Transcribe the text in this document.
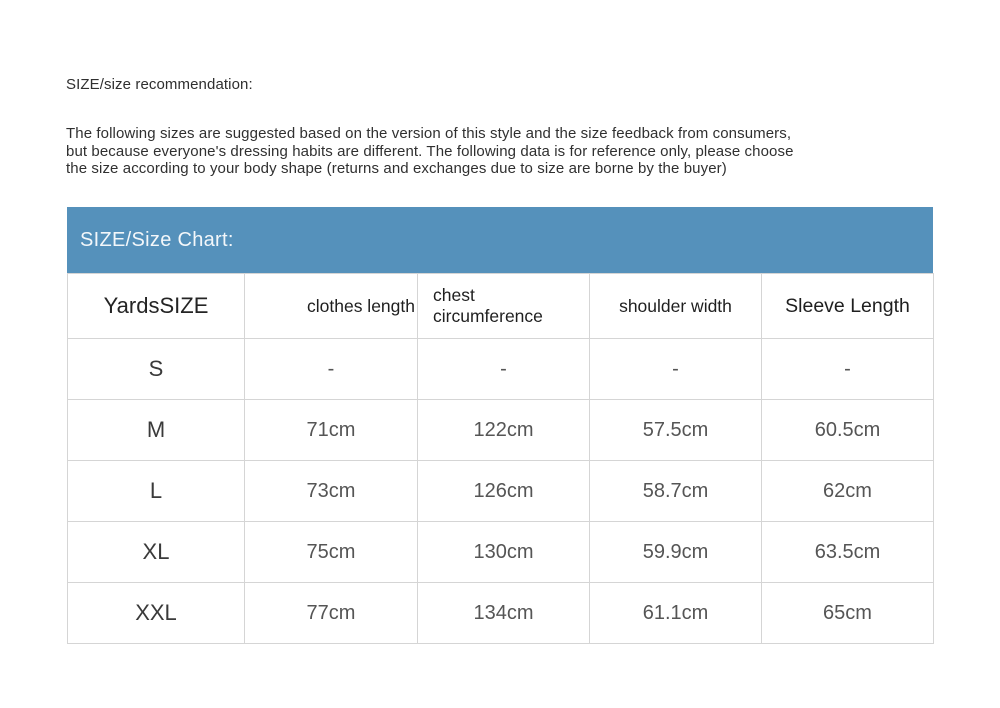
SIZE/size recommendation:
The following sizes are suggested based on the version of this style and the size feedback from consumers,
but because everyone's dressing habits are different. The following data is for reference only, please choose
the size according to your body shape (returns and exchanges due to size are borne by the buyer)
SIZE/Size Chart:
YardsSIZE	clothes length	chest circumference	shoulder width	Sleeve Length
S	-	-	-	-
M	71cm	122cm	57.5cm	60.5cm
L	73cm	126cm	58.7cm	62cm
XL	75cm	130cm	59.9cm	63.5cm
XXL	77cm	134cm	61.1cm	65cm
